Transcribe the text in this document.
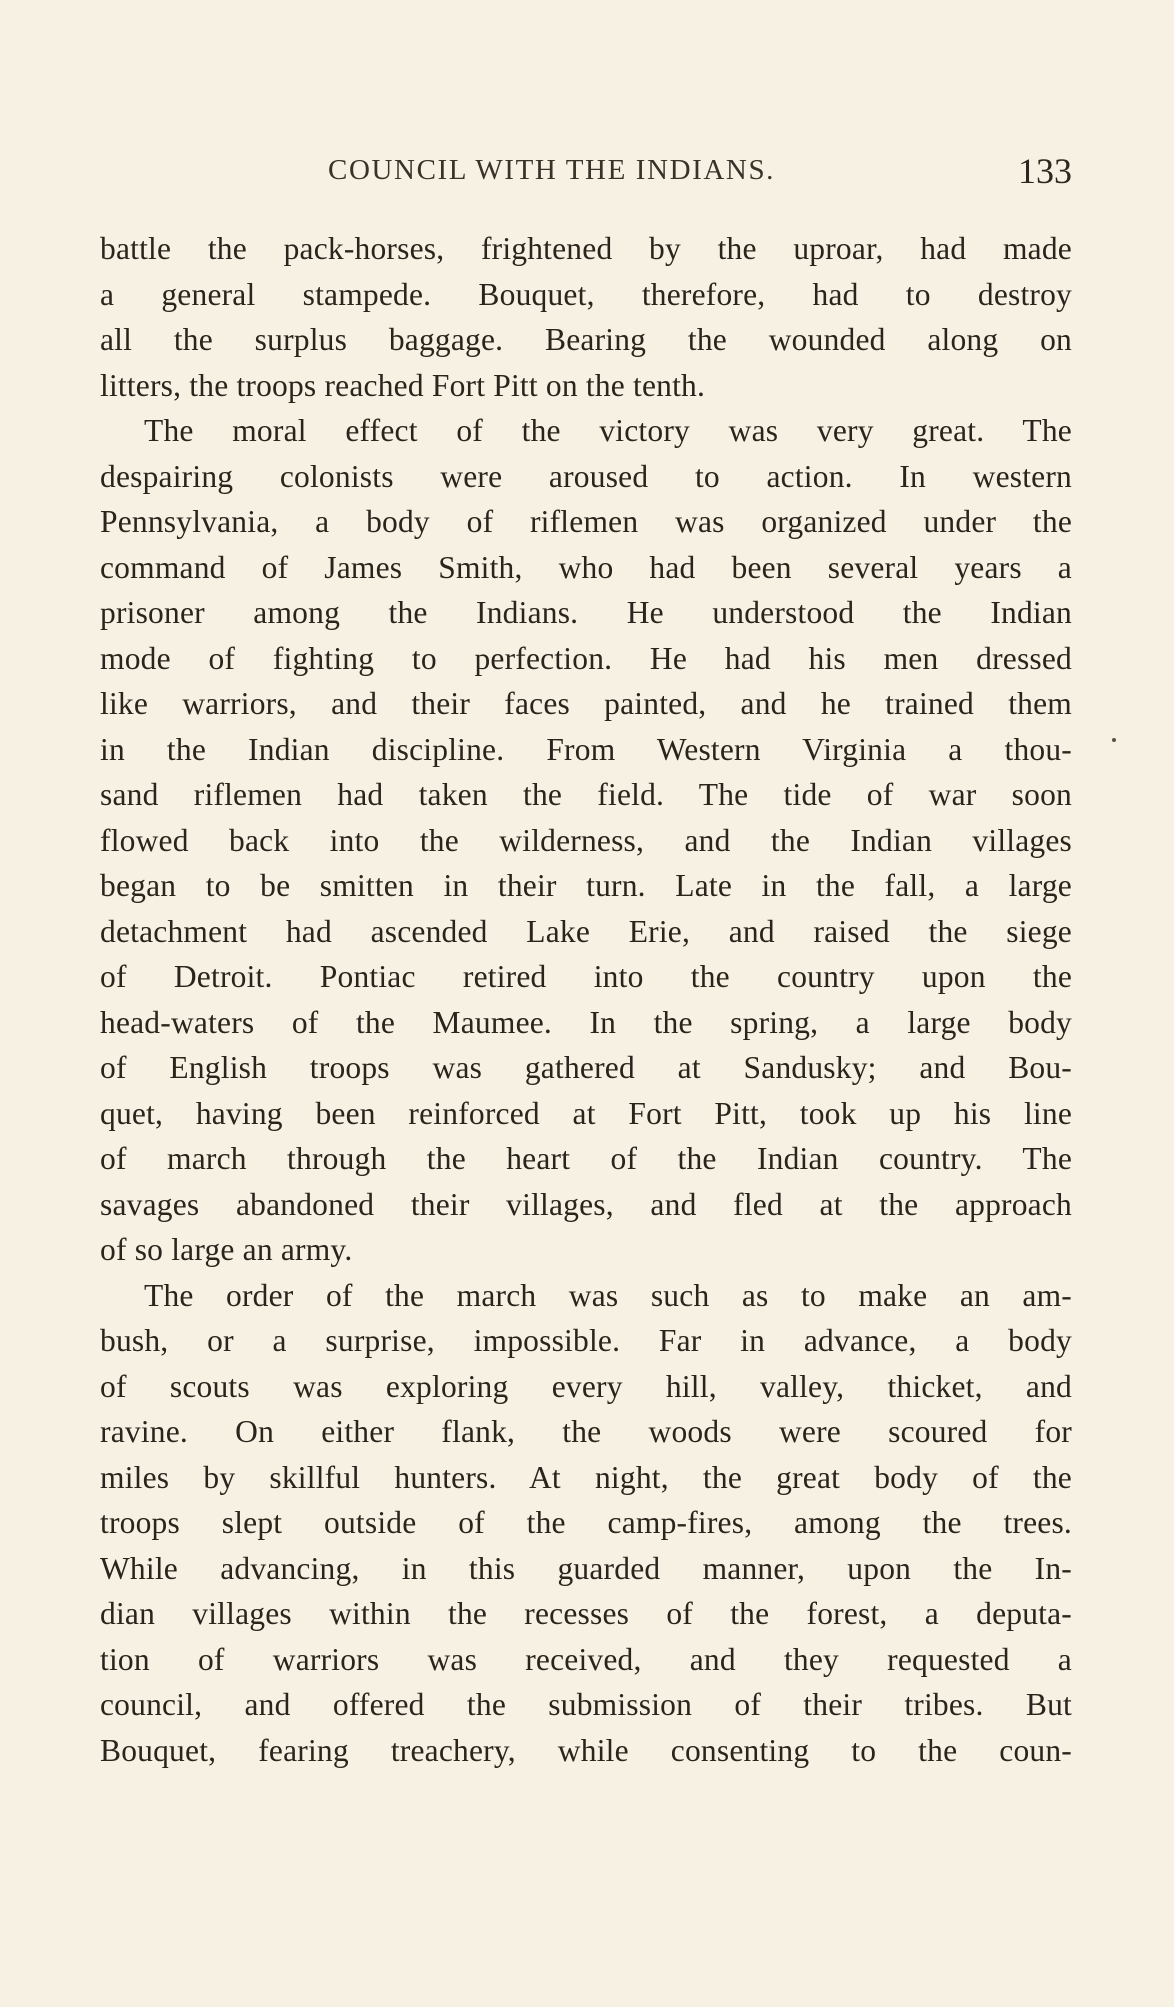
COUNCIL WITH THE INDIANS.	133
battle the pack-horses, frightened by the uproar, had made
a general stampede. Bouquet, therefore, had to destroy
all the surplus baggage. Bearing the wounded along on
litters, the troops reached Fort Pitt on the tenth.
The moral effect of the victory was very great. The
despairing colonists were aroused to action. In western
Pennsylvania, a body of riflemen was organized under the
command of James Smith, who had been several years a
prisoner among the Indians. He understood the Indian
mode of fighting to perfection. He had his men dressed
like warriors, and their faces painted, and he trained them
in the Indian discipline. From Western Virginia a thou-
sand riflemen had taken the field. The tide of war soon
flowed back into the wilderness, and the Indian villages
began to be smitten in their turn. Late in the fall, a large
detachment had ascended Lake Erie, and raised the siege
of Detroit. Pontiac retired into the country upon the
head-waters of the Maumee. In the spring, a large body
of English troops was gathered at Sandusky; and Bou-
quet, having been reinforced at Fort Pitt, took up his line
of march through the heart of the Indian country. The
savages abandoned their villages, and fled at the approach
of so large an army.
The order of the march was such as to make an am-
bush, or a surprise, impossible. Far in advance, a body
of scouts was exploring every hill, valley, thicket, and
ravine. On either flank, the woods were scoured for
miles by skillful hunters. At night, the great body of the
troops slept outside of the camp-fires, among the trees.
While advancing, in this guarded manner, upon the In-
dian villages within the recesses of the forest, a deputa-
tion of warriors was received, and they requested a
council, and offered the submission of their tribes. But
Bouquet, fearing treachery, while consenting to the coun-
